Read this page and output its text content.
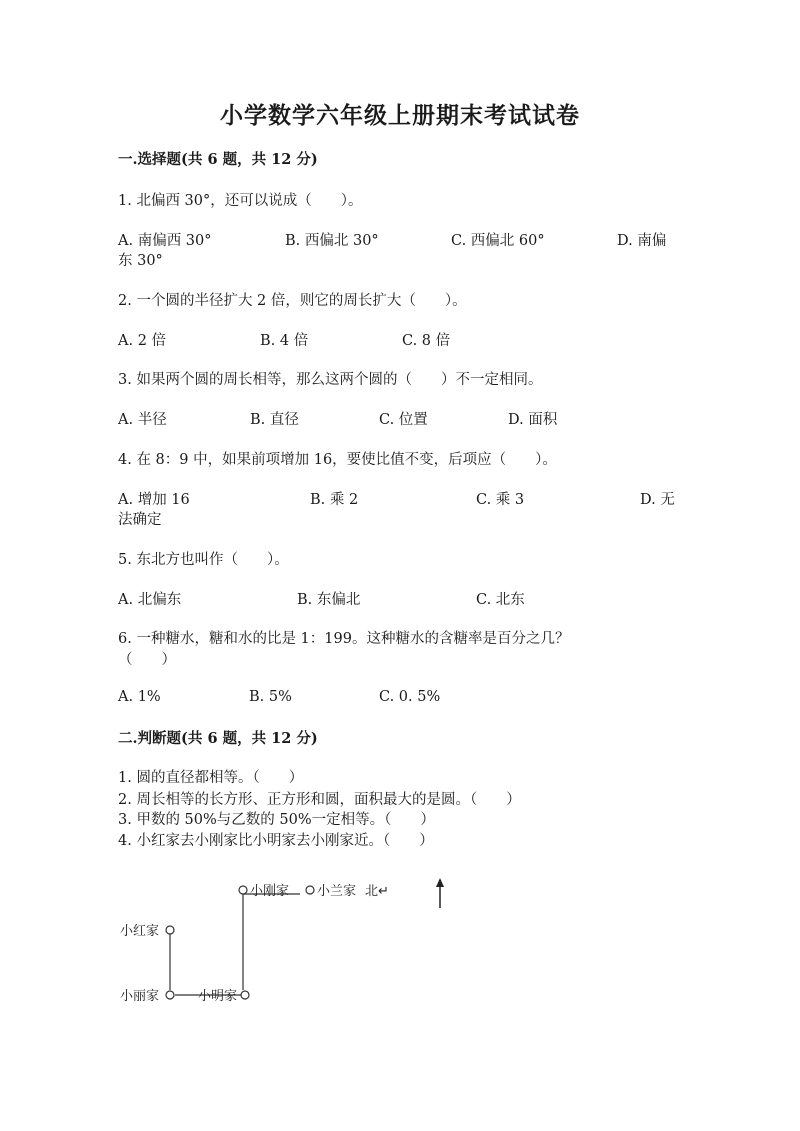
小学数学六年级上册期末考试试卷
一.选择题(共 6 题，共 12 分)
1. 北偏西 30°，还可以说成（　　）。
A. 南偏西 30°	B. 西偏北 30°	C. 西偏北 60°	D. 南偏
东 30°
2. 一个圆的半径扩大 2 倍，则它的周长扩大（　　）。
A. 2 倍	B. 4 倍	C. 8 倍
3. 如果两个圆的周长相等，那么这两个圆的（　　）不一定相同。
A. 半径	B. 直径	C. 位置	D. 面积
4. 在 8：9 中，如果前项增加 16，要使比值不变，后项应（　　）。
A. 增加 16	B. 乘 2	C. 乘 3	D. 无
法确定
5. 东北方也叫作（　　）。
A. 北偏东	B. 东偏北	C. 北东
6. 一种糖水，糖和水的比是 1：199。这种糖水的含糖率是百分之几？
（　　）
A. 1%	B. 5%	C. 0. 5%
二.判断题(共 6 题，共 12 分)
1. 圆的直径都相等。（　　）
2. 周长相等的长方形、正方形和圆，面积最大的是圆。（　　）
3. 甲数的 50%与乙数的 50%一定相等。（　　）
4. 小红家去小刚家比小明家去小刚家近。（　　）
小刚家 小兰家 北↵
小红家
小丽家	小明家
